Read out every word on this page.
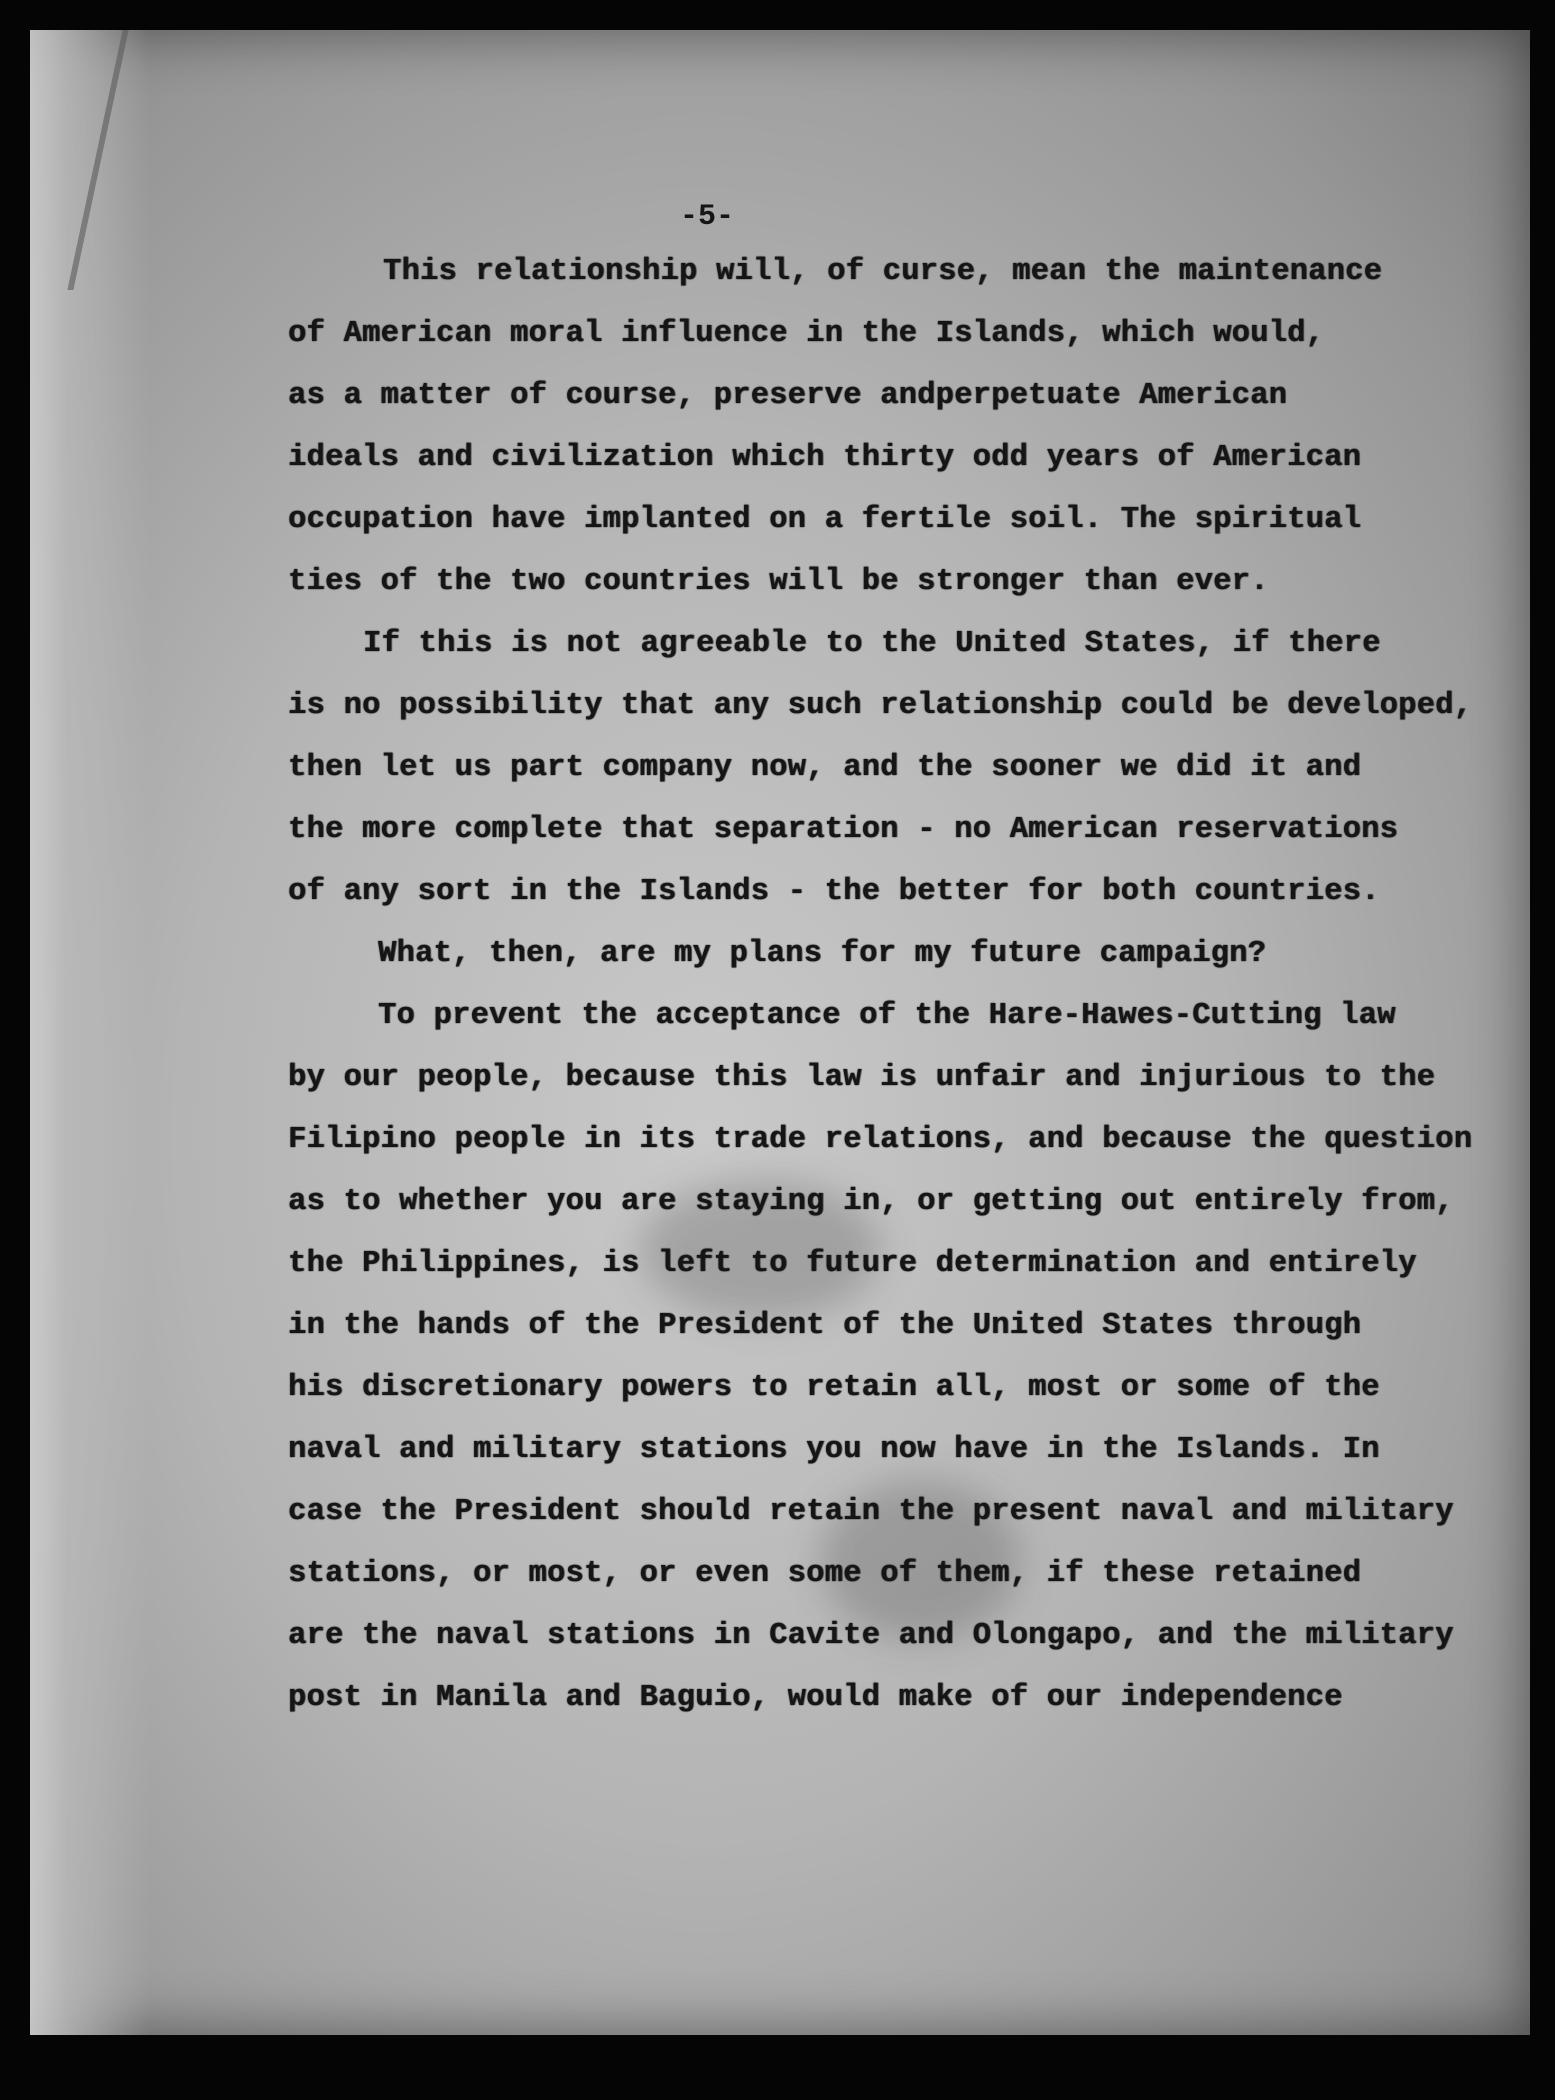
-5-
This relationship will, of cursе, mean the maintenance
of American moral influence in the Islands, which would,
as a matter of course, preserve andperpetuate American
ideals and civilization which thirty odd years of American
occupation have implanted on a fertile soil. The spiritual
ties of the two countries will be stronger than ever.
If this is not agreeable to the United States, if there
is no possibility that any such relationship could be developed,
then let us part company now, and the sooner we did it and
the more complete that separation - no American reservations
of any sort in the Islands - the better for both countries.
What, then, are my plans for my future campaign?
To prevent the acceptance of the Hare-Hawes-Cutting law
by our people, because this law is unfair and injurious to the
Filipino people in its trade relations, and because the question
as to whether you are staying in, or getting out entirely from,
the Philippines, is left to future determination and entirely
in the hands of the President of the United States through
his discretionary powers to retain all, most or some of the
naval and military stations you now have in the Islands. In
case the President should retain the present naval and military
stations, or most, or even some of them, if these retained
are the naval stations in Cavite and Olongapo, and the military
post in Manila and Baguio, would make of our independence
